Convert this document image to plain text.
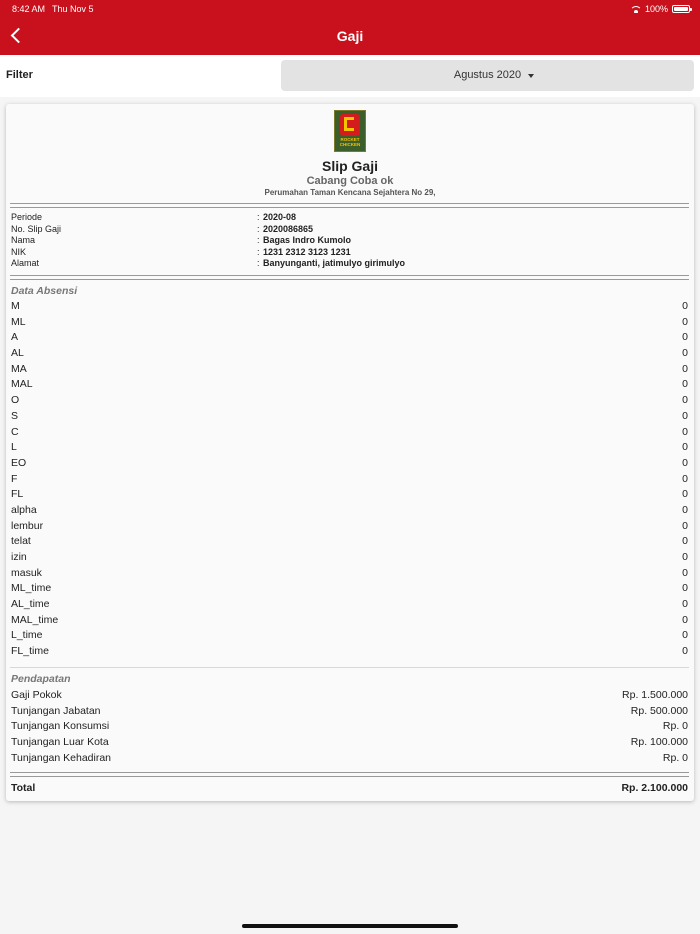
8:42 AM Thu Nov 5	100%
Gaji
Filter	Agustus 2020
ROCKET
CHICKEN
Slip Gaji
Cabang Coba ok
Perumahan Taman Kencana Sejahtera No 29,
Periode	: 2020-08
No. Slip Gaji	: 2020086865
Nama	: Bagas Indro Kumolo
NIK	: 1231 2312 3123 1231
Alamat	: Banyunganti, jatimulyo girimulyo
Data Absensi
M	0
ML	0
A	0
AL	0
MA	0
MAL	0
O	0
S	0
C	0
L	0
EO	0
F	0
FL	0
alpha	0
lembur	0
telat	0
izin	0
masuk	0
ML_time	0
AL_time	0
MAL_time	0
L_time	0
FL_time	0
Pendapatan
Gaji Pokok	Rp. 1.500.000
Tunjangan Jabatan	Rp. 500.000
Tunjangan Konsumsi	Rp. 0
Tunjangan Luar Kota	Rp. 100.000
Tunjangan Kehadiran	Rp. 0
Total	Rp. 2.100.000
